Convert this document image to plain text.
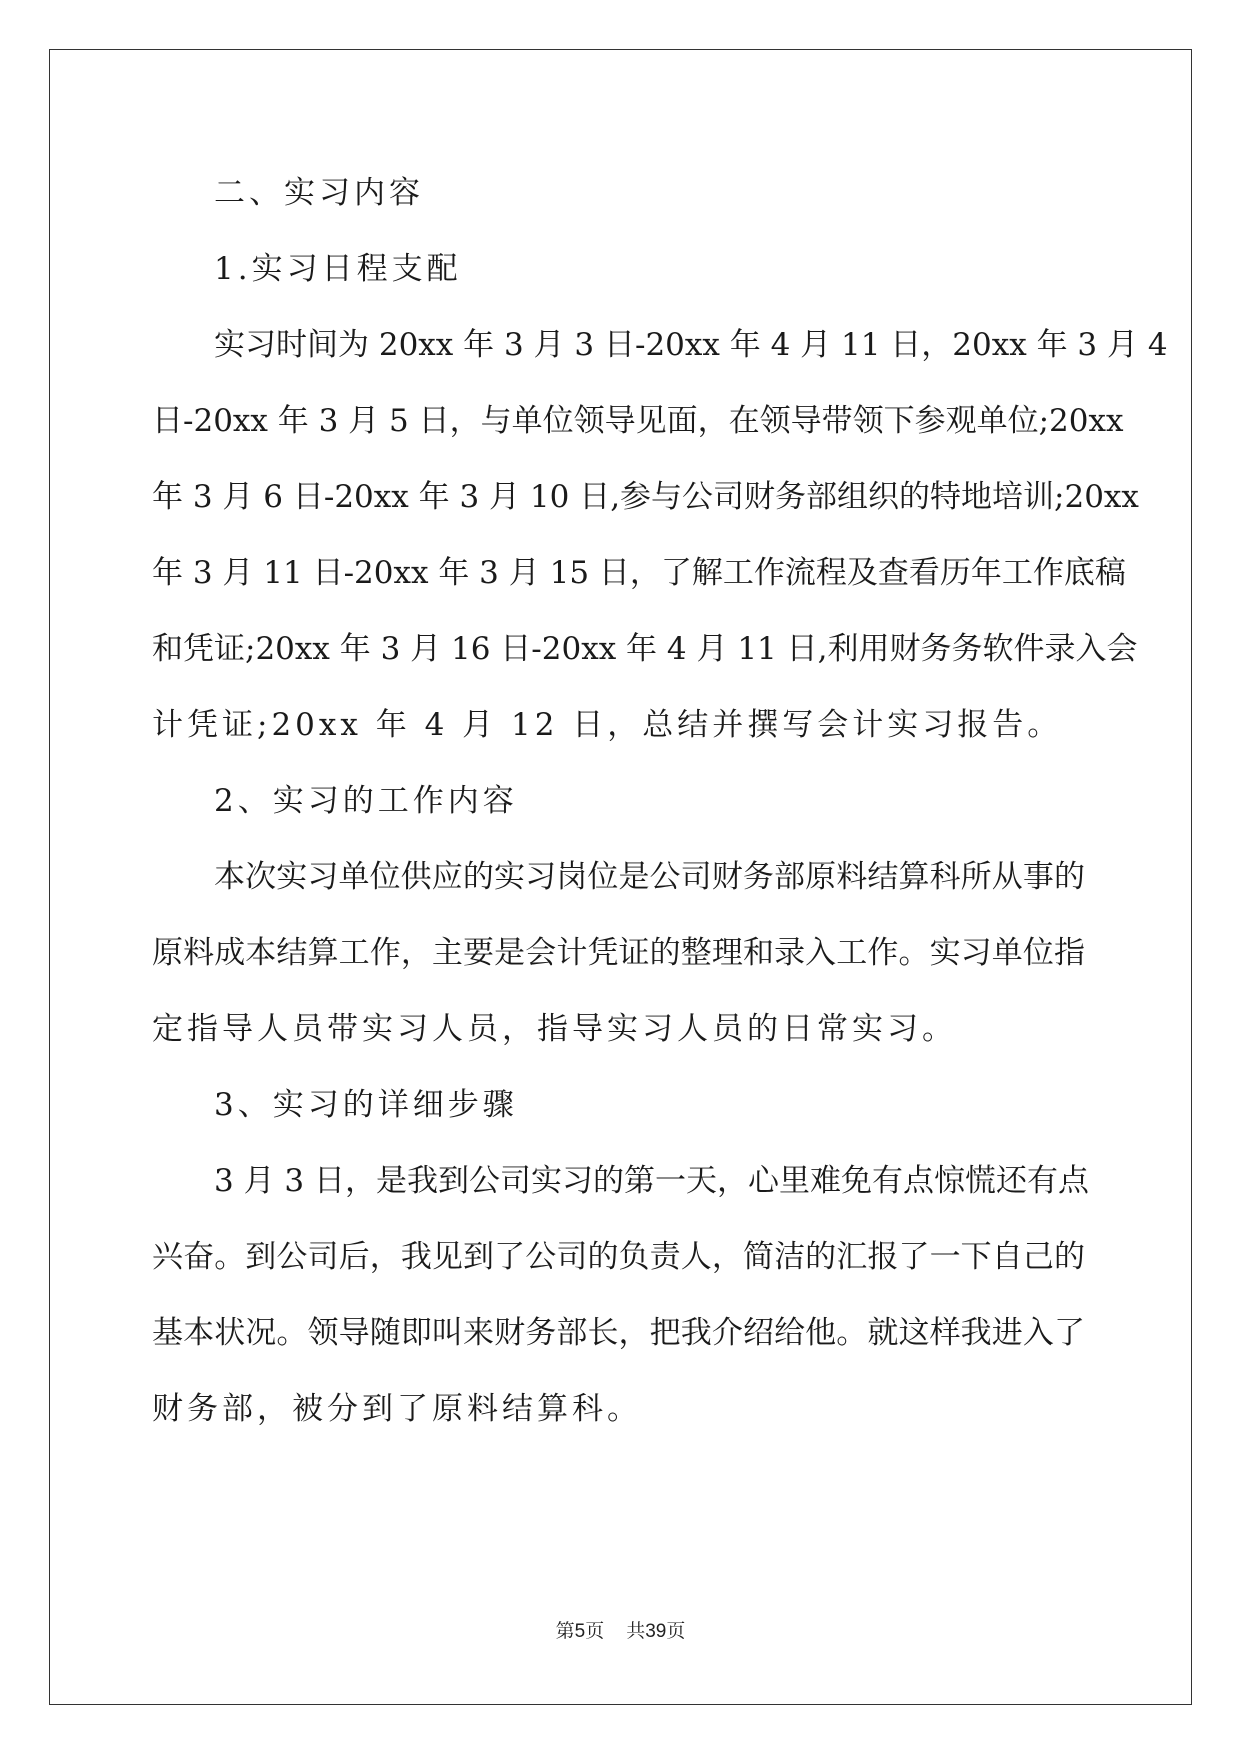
二、实习内容
1.实习日程支配
实习时间为 20xx 年 3 月 3 日-20xx 年 4 月 11 日，20xx 年 3 月 4
日-20xx 年 3 月 5 日，与单位领导见面，在领导带领下参观单位;20xx
年 3 月 6 日-20xx 年 3 月 10 日,参与公司财务部组织的特地培训;20xx
年 3 月 11 日-20xx 年 3 月 15 日，了解工作流程及查看历年工作底稿
和凭证;20xx 年 3 月 16 日-20xx 年 4 月 11 日,利用财务务软件录入会
计凭证;20xx 年 4 月 12 日，总结并撰写会计实习报告。
2、实习的工作内容
本次实习单位供应的实习岗位是公司财务部原料结算科所从事的
原料成本结算工作，主要是会计凭证的整理和录入工作。实习单位指
定指导人员带实习人员，指导实习人员的日常实习。
3、实习的详细步骤
3 月 3 日，是我到公司实习的第一天，心里难免有点惊慌还有点
兴奋。到公司后，我见到了公司的负责人，简洁的汇报了一下自己的
基本状况。领导随即叫来财务部长，把我介绍给他。就这样我进入了
财务部，被分到了原料结算科。
第5页 共39页
